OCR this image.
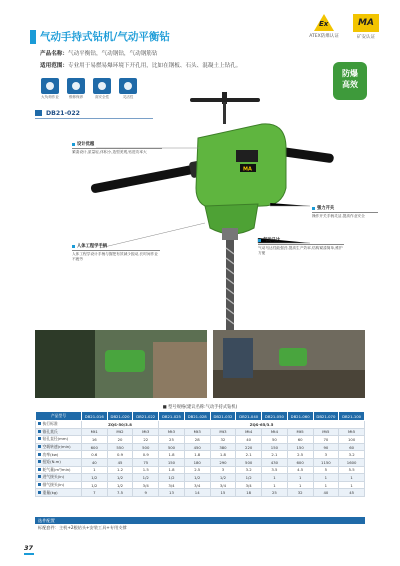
气动手持式钻机/气动平衡钻
Ex
ATEX防爆认证
MA
矿安认证
产品名称：气动平衡钻，气动钢钻，气动钢筋钻
适用范围：专业用于易燃易爆环境下开孔用，比如在钢板、石头、混凝土上钻孔。
大负荷作业	维修保养	高安全性	灵活性
防爆
高效
DB21-022
MA
设计优越
紧凑设计,质量轻,体积小,造型美观,钻进功率大
人体工程学手柄
人体工程学设计手柄与握把有效减少振动,长时间作业不疲劳
强力开关
操作开关手柄灵活,提高作业安全
气动马达
气动马达性能强劲,提高生产效率,结构紧凑简单,维护方便
■ 型号规格(建议名称:气动手持式钻机)
产品型号	DB21-016	DB21-020	DB21-022	DB21-025	DB21-028	DB21-032	DB21-040	DB21-050	DB21-060	DB21-070	DB21-100
执行标准	ZQS-50/3.8			ZQS-65/3.5							
锥孔莫氏	Mt1	Mt2	Mt3	Mt3	Mt3	Mt3	Mt4	Mt4	Mt5	Mt5	Mt5
钻孔直径(mm)	16	20	22	25	28	32	40	50	60	70	100
空载转速(r/min)	600	550	500	500	450	380	220	150	150	90	60
功率(kw)	0.6	0.9	0.9	1.8	1.8	1.8	2.1	2.1	2.5	3	3.2
扭矩(N.m)	40	45	75	150	180	290	500	430	600	1150	1600
耗气量(m³/min)	1	1.2	1.5	1.8	2.5	3	3.2	3.5	4.5	5	5.5
进气接头(in)	1/2	1/2	1/2	1/2	1/2	1/2	1/2	1	1	1	1
排气接头(in)	1/2	1/2	3/4	3/4	3/4	3/4	3/4	1	1	1	1
重量(kg)	7	7.5	9	13	14	15	18	25	32	40	45
选件配置
标配套件：主机+2根钻头+安装工具+专用支撑
37
